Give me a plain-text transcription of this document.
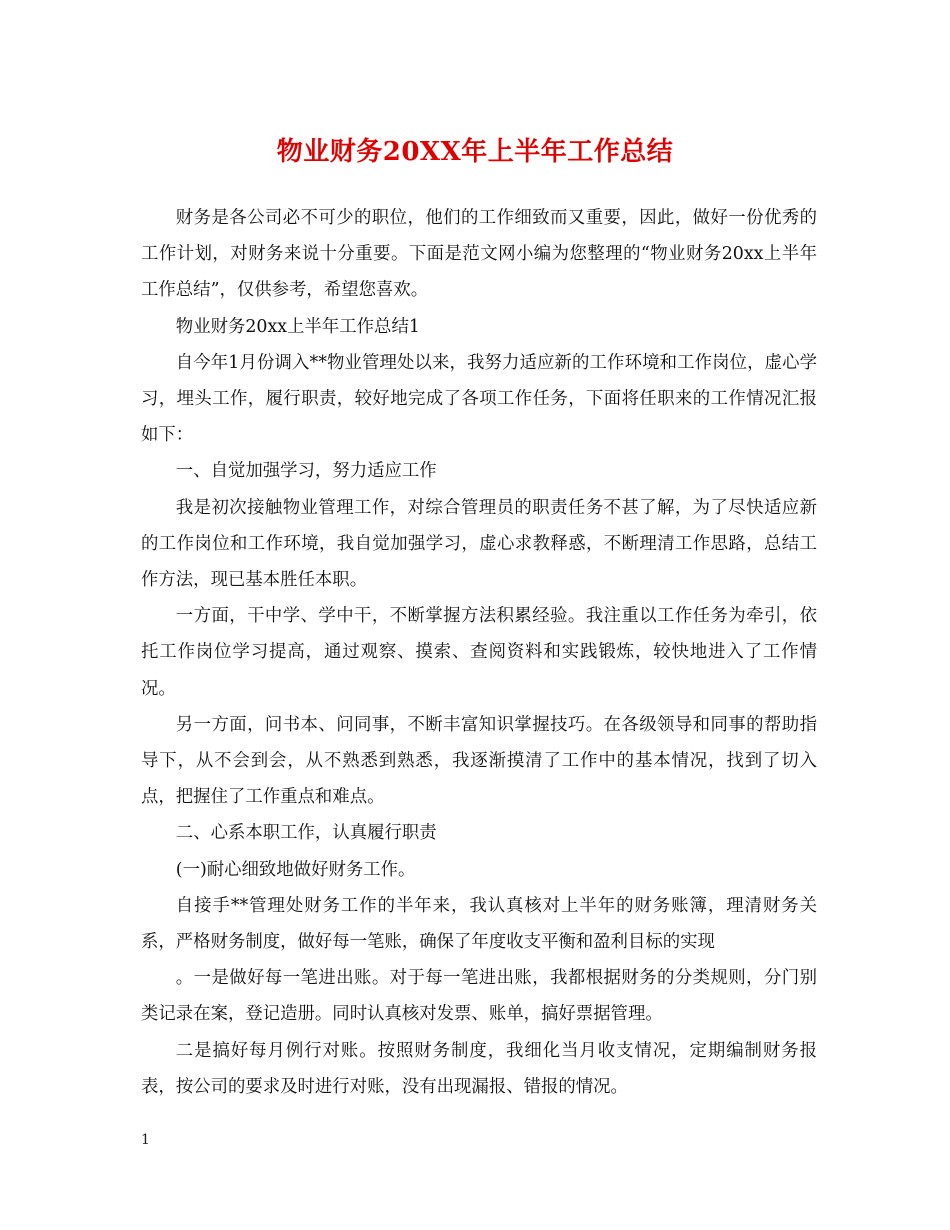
物业财务20XX年上半年工作总结

财务是各公司必不可少的职位，他们的工作细致而又重要，因此，做好一份优秀的工作计划，对财务来说十分重要。下面是范文网小编为您整理的“物业财务20xx上半年工作总结”，仅供参考，希望您喜欢。

物业财务20xx上半年工作总结1

自今年1月份调入**物业管理处以来，我努力适应新的工作环境和工作岗位，虚心学习，埋头工作，履行职责，较好地完成了各项工作任务，下面将任职来的工作情况汇报如下：

一、自觉加强学习，努力适应工作

我是初次接触物业管理工作，对综合管理员的职责任务不甚了解，为了尽快适应新的工作岗位和工作环境，我自觉加强学习，虚心求教释惑，不断理清工作思路，总结工作方法，现已基本胜任本职。

一方面，干中学、学中干，不断掌握方法积累经验。我注重以工作任务为牵引，依托工作岗位学习提高，通过观察、摸索、查阅资料和实践锻炼，较快地进入了工作情况。

另一方面，问书本、问同事，不断丰富知识掌握技巧。在各级领导和同事的帮助指导下，从不会到会，从不熟悉到熟悉，我逐渐摸清了工作中的基本情况，找到了切入点，把握住了工作重点和难点。

二、心系本职工作，认真履行职责

(一)耐心细致地做好财务工作。

自接手**管理处财务工作的半年来，我认真核对上半年的财务账簿，理清财务关系，严格财务制度，做好每一笔账，确保了年度收支平衡和盈利目标的实现

。一是做好每一笔进出账。对于每一笔进出账，我都根据财务的分类规则，分门别类记录在案，登记造册。同时认真核对发票、账单，搞好票据管理。

二是搞好每月例行对账。按照财务制度，我细化当月收支情况，定期编制财务报表，按公司的要求及时进行对账，没有出现漏报、错报的情况。

1
